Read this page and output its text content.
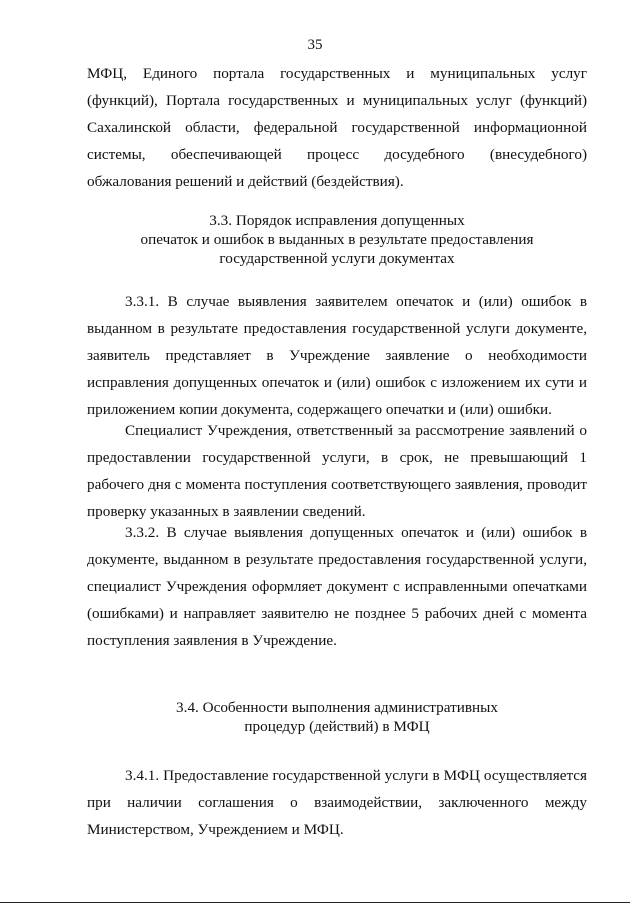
35

МФЦ, Единого портала государственных и муниципальных услуг (функций), Портала государственных и муниципальных услуг (функций) Сахалинской области, федеральной государственной информационной системы, обеспечивающей процесс досудебного (внесудебного) обжалования решений и действий (бездействия).

3.3. Порядок исправления допущенных
опечаток и ошибок в выданных в результате предоставления
государственной услуги документах

3.3.1. В случае выявления заявителем опечаток и (или) ошибок в выданном в результате предоставления государственной услуги документе, заявитель представляет в Учреждение заявление о необходимости исправления допущенных опечаток и (или) ошибок с изложением их сути и приложением копии документа, содержащего опечатки и (или) ошибки.

Специалист Учреждения, ответственный за рассмотрение заявлений о предоставлении государственной услуги, в срок, не превышающий 1 рабочего дня с момента поступления соответствующего заявления, проводит проверку указанных в заявлении сведений.

3.3.2. В случае выявления допущенных опечаток и (или) ошибок в документе, выданном в результате предоставления государственной услуги, специалист Учреждения оформляет документ с исправленными опечатками (ошибками) и направляет заявителю не позднее 5 рабочих дней с момента поступления заявления в Учреждение.

3.4. Особенности выполнения административных
процедур (действий) в МФЦ

3.4.1. Предоставление государственной услуги в МФЦ осуществляется при наличии соглашения о взаимодействии, заключенного между Министерством, Учреждением и МФЦ.
